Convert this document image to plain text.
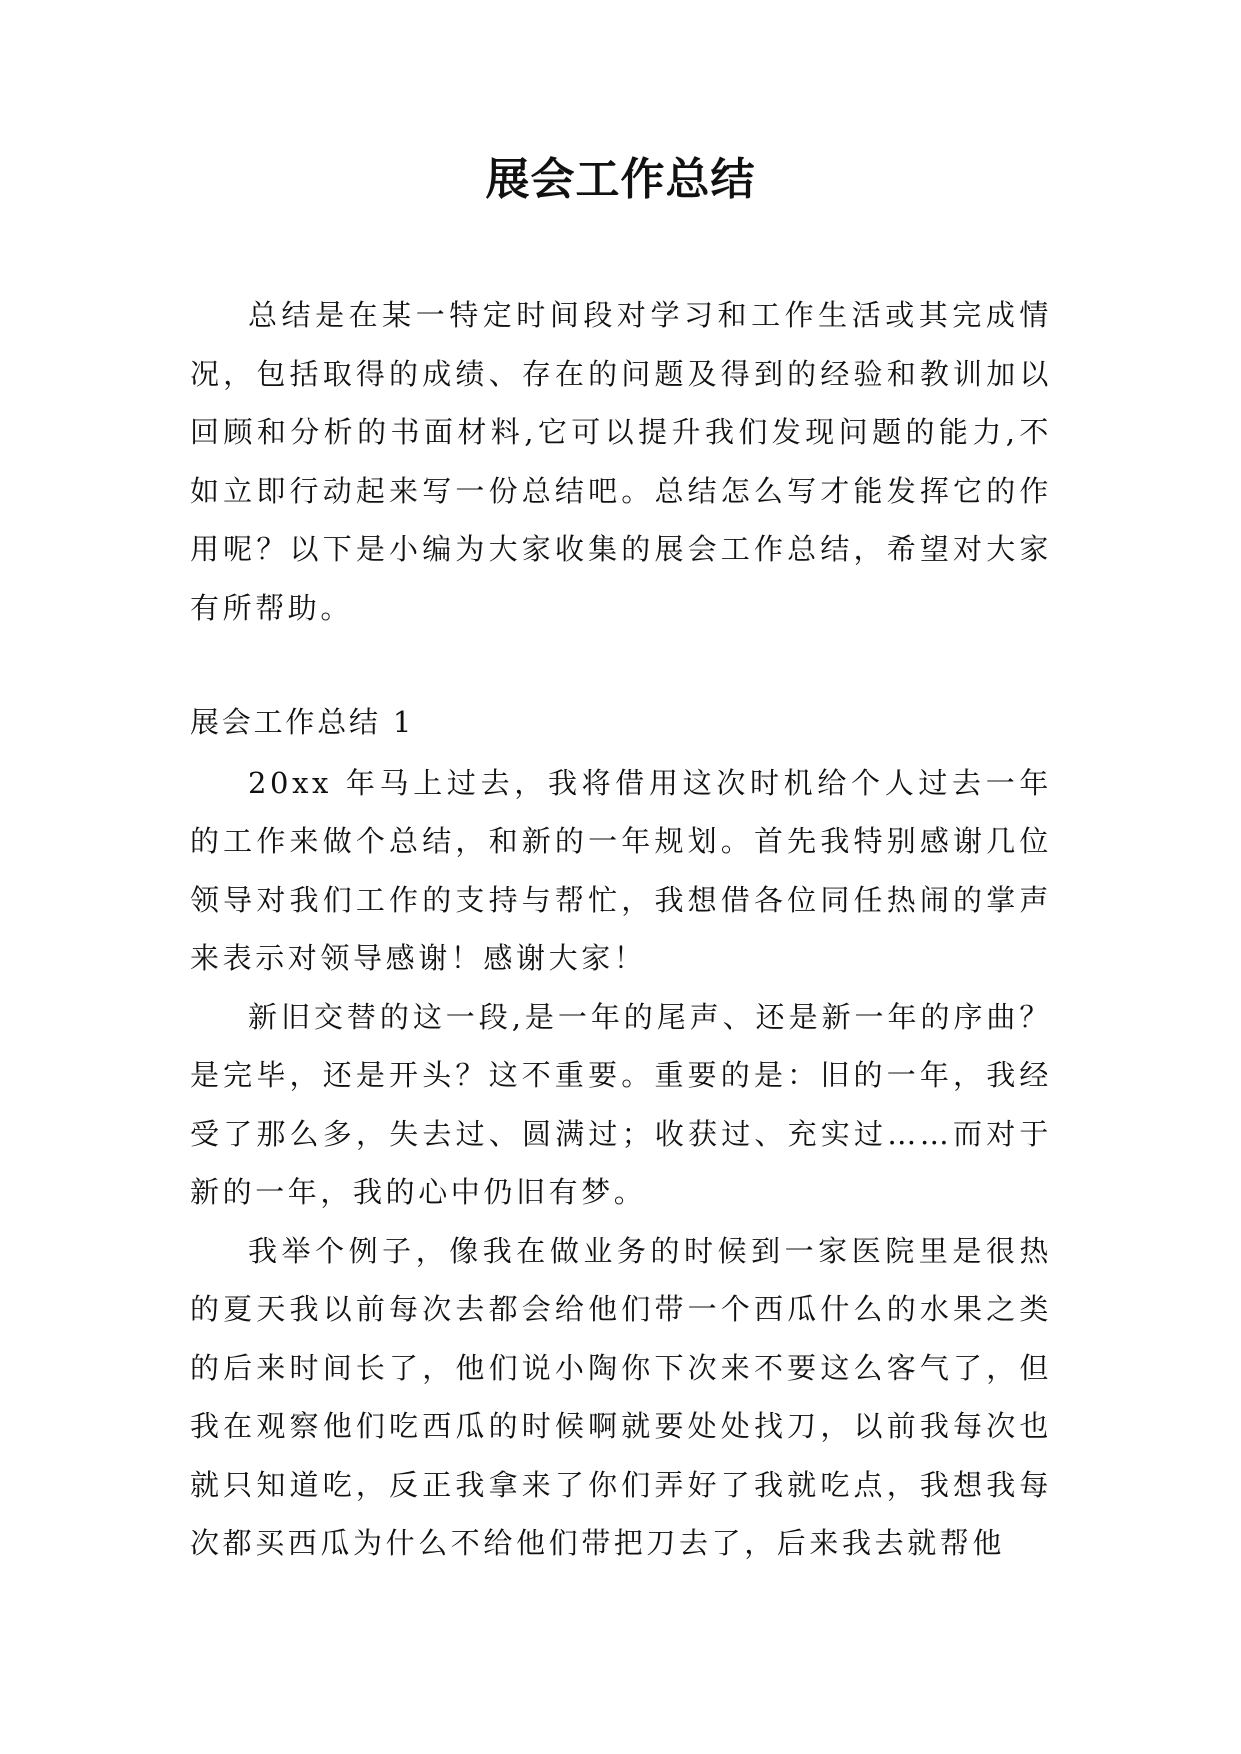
展会工作总结

总结是在某一特定时间段对学习和工作生活或其完成情况，包括取得的成绩、存在的问题及得到的经验和教训加以回顾和分析的书面材料,它可以提升我们发现问题的能力,不如立即行动起来写一份总结吧。总结怎么写才能发挥它的作用呢？以下是小编为大家收集的展会工作总结，希望对大家有所帮助。

展会工作总结 1

20xx 年马上过去，我将借用这次时机给个人过去一年的工作来做个总结，和新的一年规划。首先我特别感谢几位领导对我们工作的支持与帮忙，我想借各位同任热闹的掌声来表示对领导感谢！感谢大家！

新旧交替的这一段,是一年的尾声、还是新一年的序曲？是完毕，还是开头？这不重要。重要的是：旧的一年，我经受了那么多，失去过、圆满过；收获过、充实过……而对于新的一年，我的心中仍旧有梦。

我举个例子，像我在做业务的时候到一家医院里是很热的夏天我以前每次去都会给他们带一个西瓜什么的水果之类的后来时间长了，他们说小陶你下次来不要这么客气了，但我在观察他们吃西瓜的时候啊就要处处找刀，以前我每次也就只知道吃，反正我拿来了你们弄好了我就吃点，我想我每次都买西瓜为什么不给他们带把刀去了，后来我去就帮他
